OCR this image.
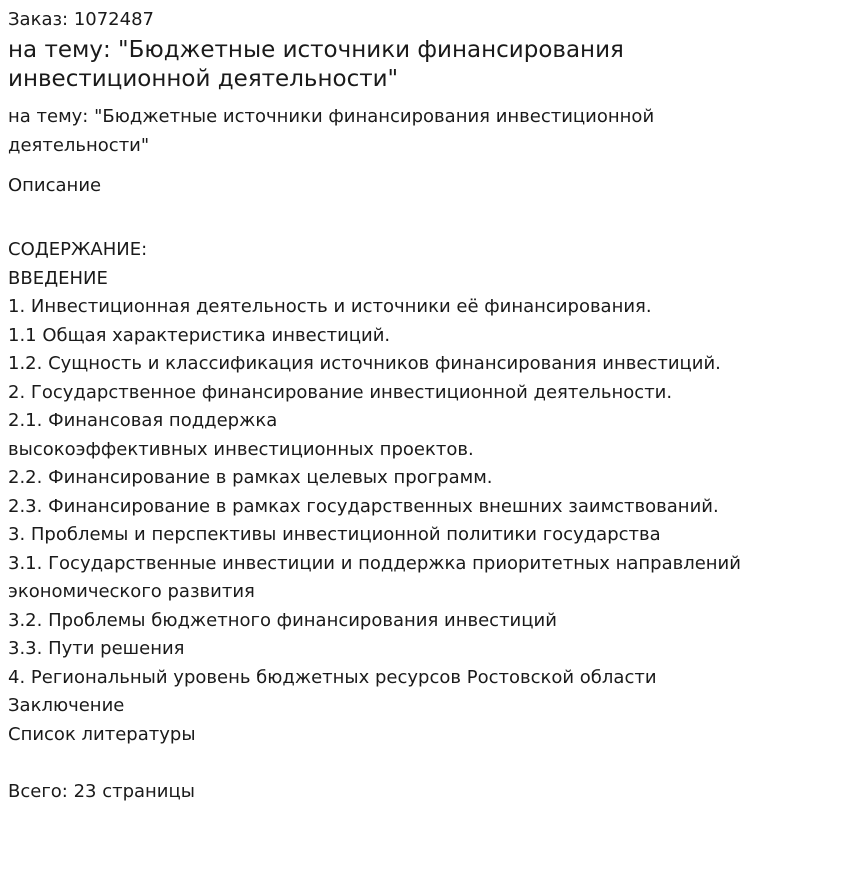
Заказ: 1072487
на тему: "Бюджетные источники финансирования инвестиционной деятельности"
на тему: "Бюджетные источники финансирования инвестиционной деятельности"
Описание
СОДЕРЖАНИЕ:
ВВЕДЕНИЕ
1. Инвестиционная деятельность и источники её финансирования.
1.1 Общая характеристика инвестиций.
1.2. Сущность и классификация источников финансирования инвестиций.
2. Государственное финансирование инвестиционной деятельности.
2.1. Финансовая поддержка
высокоэффективных инвестиционных проектов.
2.2. Финансирование в рамках целевых программ.
2.3. Финансирование в рамках государственных внешних заимствований.
3. Проблемы и перспективы инвестиционной политики государства
3.1. Государственные инвестиции и поддержка приоритетных направлений
экономического развития
3.2. Проблемы бюджетного финансирования инвестиций
3.3. Пути решения
4. Региональный уровень бюджетных ресурсов Ростовской области
Заключение
Список литературы
Всего: 23 страницы
